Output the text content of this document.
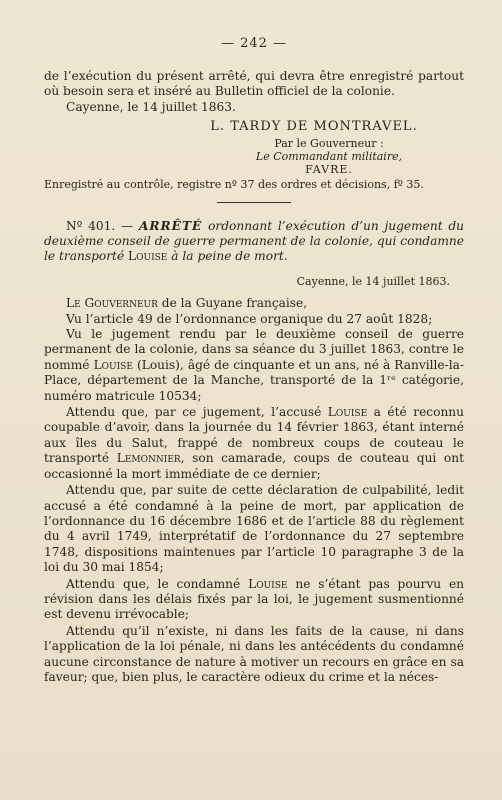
— 242 —

de l’exécution du présent arrêté, qui devra être enregistré partout où besoin sera et inséré au Bulletin officiel de la colonie.

Cayenne, le 14 juillet 1863.

L. TARDY DE MONTRAVEL.
Par le Gouverneur :
Le Commandant militaire,
FAVRE.

Enregistré au contrôle, registre nº 37 des ordres et décisions, fº 35.

Nº 401. — ARRÊTÉ ordonnant l’exécution d’un jugement du deuxième conseil de guerre permanent de la colonie, qui condamne le transporté Louise à la peine de mort.

Cayenne, le 14 juillet 1863.

Le Gouverneur de la Guyane française,

Vu l’article 49 de l’ordonnance organique du 27 août 1828;

Vu le jugement rendu par le deuxième conseil de guerre permanent de la colonie, dans sa séance du 3 juillet 1863, contre le nommé Louise (Louis), âgé de cinquante et un ans, né à Ranville-la-Place, département de la Manche, transporté de la 1ʳᵉ catégorie, numéro matricule 10534;

Attendu que, par ce jugement, l’accusé Louise a été reconnu coupable d’avoir, dans la journée du 14 février 1863, étant interné aux îles du Salut, frappé de nombreux coups de couteau le transporté Lemonnier, son camarade, coups de couteau qui ont occasionné la mort immédiate de ce dernier;

Attendu que, par suite de cette déclaration de culpabilité, ledit accusé a été condamné à la peine de mort, par application de l’ordonnance du 16 décembre 1686 et de l’article 88 du règlement du 4 avril 1749, interprétatif de l’ordonnance du 27 septembre 1748, dispositions maintenues par l’article 10 paragraphe 3 de la loi du 30 mai 1854;

Attendu que, le condamné Louise ne s’étant pas pourvu en révision dans les délais fixés par la loi, le jugement susmentionné est devenu irrévocable;

Attendu qu’il n’existe, ni dans les faits de la cause, ni dans l’application de la loi pénale, ni dans les antécédents du condamné aucune circonstance de nature à motiver un recours en grâce en sa faveur; que, bien plus, le caractère odieux du crime et la néces-
